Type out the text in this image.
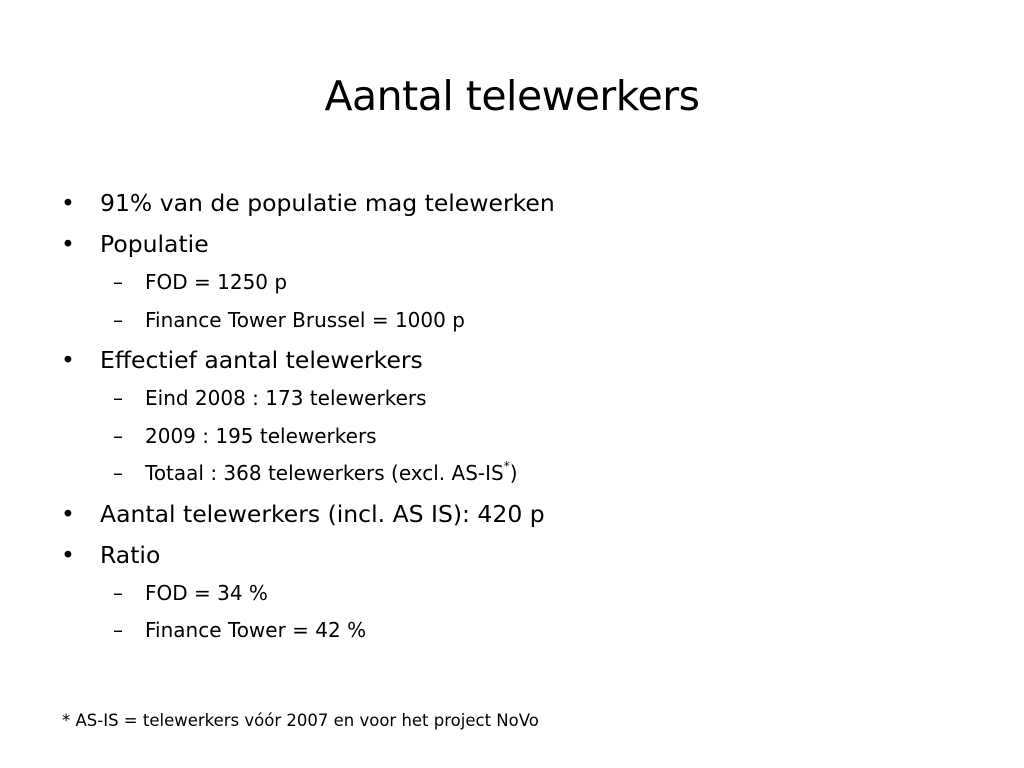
Aantal telewerkers
• 91% van de populatie mag telewerken
• Populatie
– FOD = 1250 p
– Finance Tower Brussel = 1000 p
• Effectief aantal telewerkers
– Eind 2008 : 173 telewerkers
– 2009 : 195 telewerkers
– Totaal : 368 telewerkers (excl. AS-IS*)
• Aantal telewerkers (incl. AS IS): 420 p
• Ratio
– FOD = 34 %
– Finance Tower = 42 %
* AS-IS = telewerkers vóór 2007 en voor het project NoVo
